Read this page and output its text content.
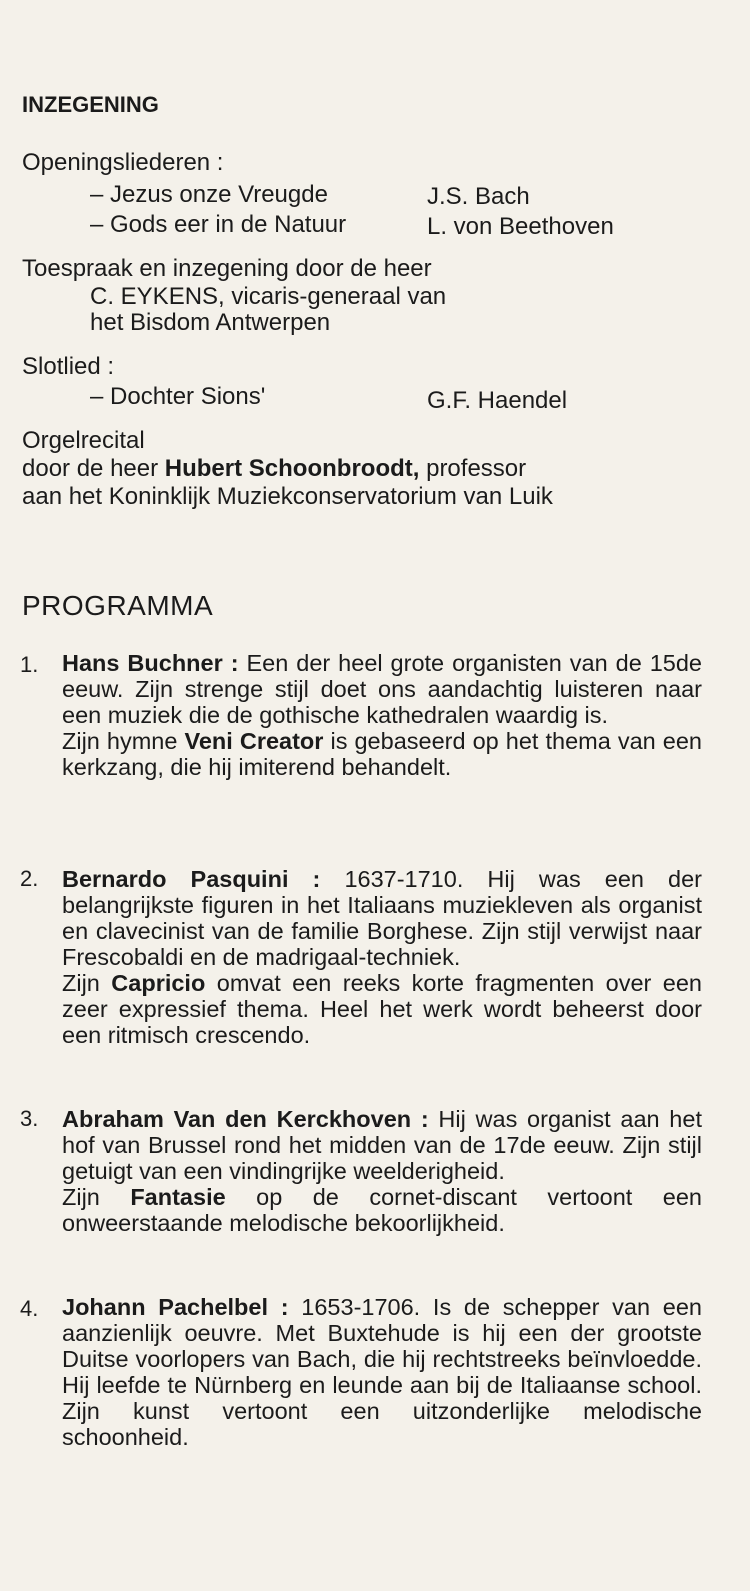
INZEGENING
Openingsliederen :
– Jezus onze Vreugde	J.S. Bach
– Gods eer in de Natuur	L. von Beethoven
Toespraak en inzegening door de heer
C. EYKENS, vicaris-generaal van
het Bisdom Antwerpen
Slotlied :
– Dochter Sions'	G.F. Haendel
Orgelrecital
door de heer Hubert Schoonbroodt, professor
aan het Koninklijk Muziekconservatorium van Luik
PROGRAMMA
1. Hans Buchner : Een der heel grote organisten van de 15de eeuw. Zijn strenge stijl doet ons aandachtig luisteren naar een muziek die de gothische kathedralen waardig is.

Zijn hymne Veni Creator is gebaseerd op het thema van een kerkzang, die hij imiterend behandelt.

2. Bernardo Pasquini : 1637-1710. Hij was een der belangrijkste figuren in het Italiaans muziekleven als organist en clavecinist van de familie Borghese. Zijn stijl verwijst naar Frescobaldi en de madrigaal-techniek.

Zijn Capricio omvat een reeks korte fragmenten over een zeer expressief thema. Heel het werk wordt beheerst door een ritmisch crescendo.

3. Abraham Van den Kerckhoven : Hij was organist aan het hof van Brussel rond het midden van de 17de eeuw. Zijn stijl getuigt van een vindingrijke weelderigheid.

Zijn Fantasie op de cornet-discant vertoont een onweerstaande melodische bekoorlijkheid.

4. Johann Pachelbel : 1653-1706. Is de schepper van een aanzienlijk oeuvre. Met Buxtehude is hij een der grootste Duitse voorlopers van Bach, die hij rechtstreeks beïnvloedde. Hij leefde te Nürnberg en leunde aan bij de Italiaanse school. Zijn kunst vertoont een uitzonderlijke melodische schoonheid.
